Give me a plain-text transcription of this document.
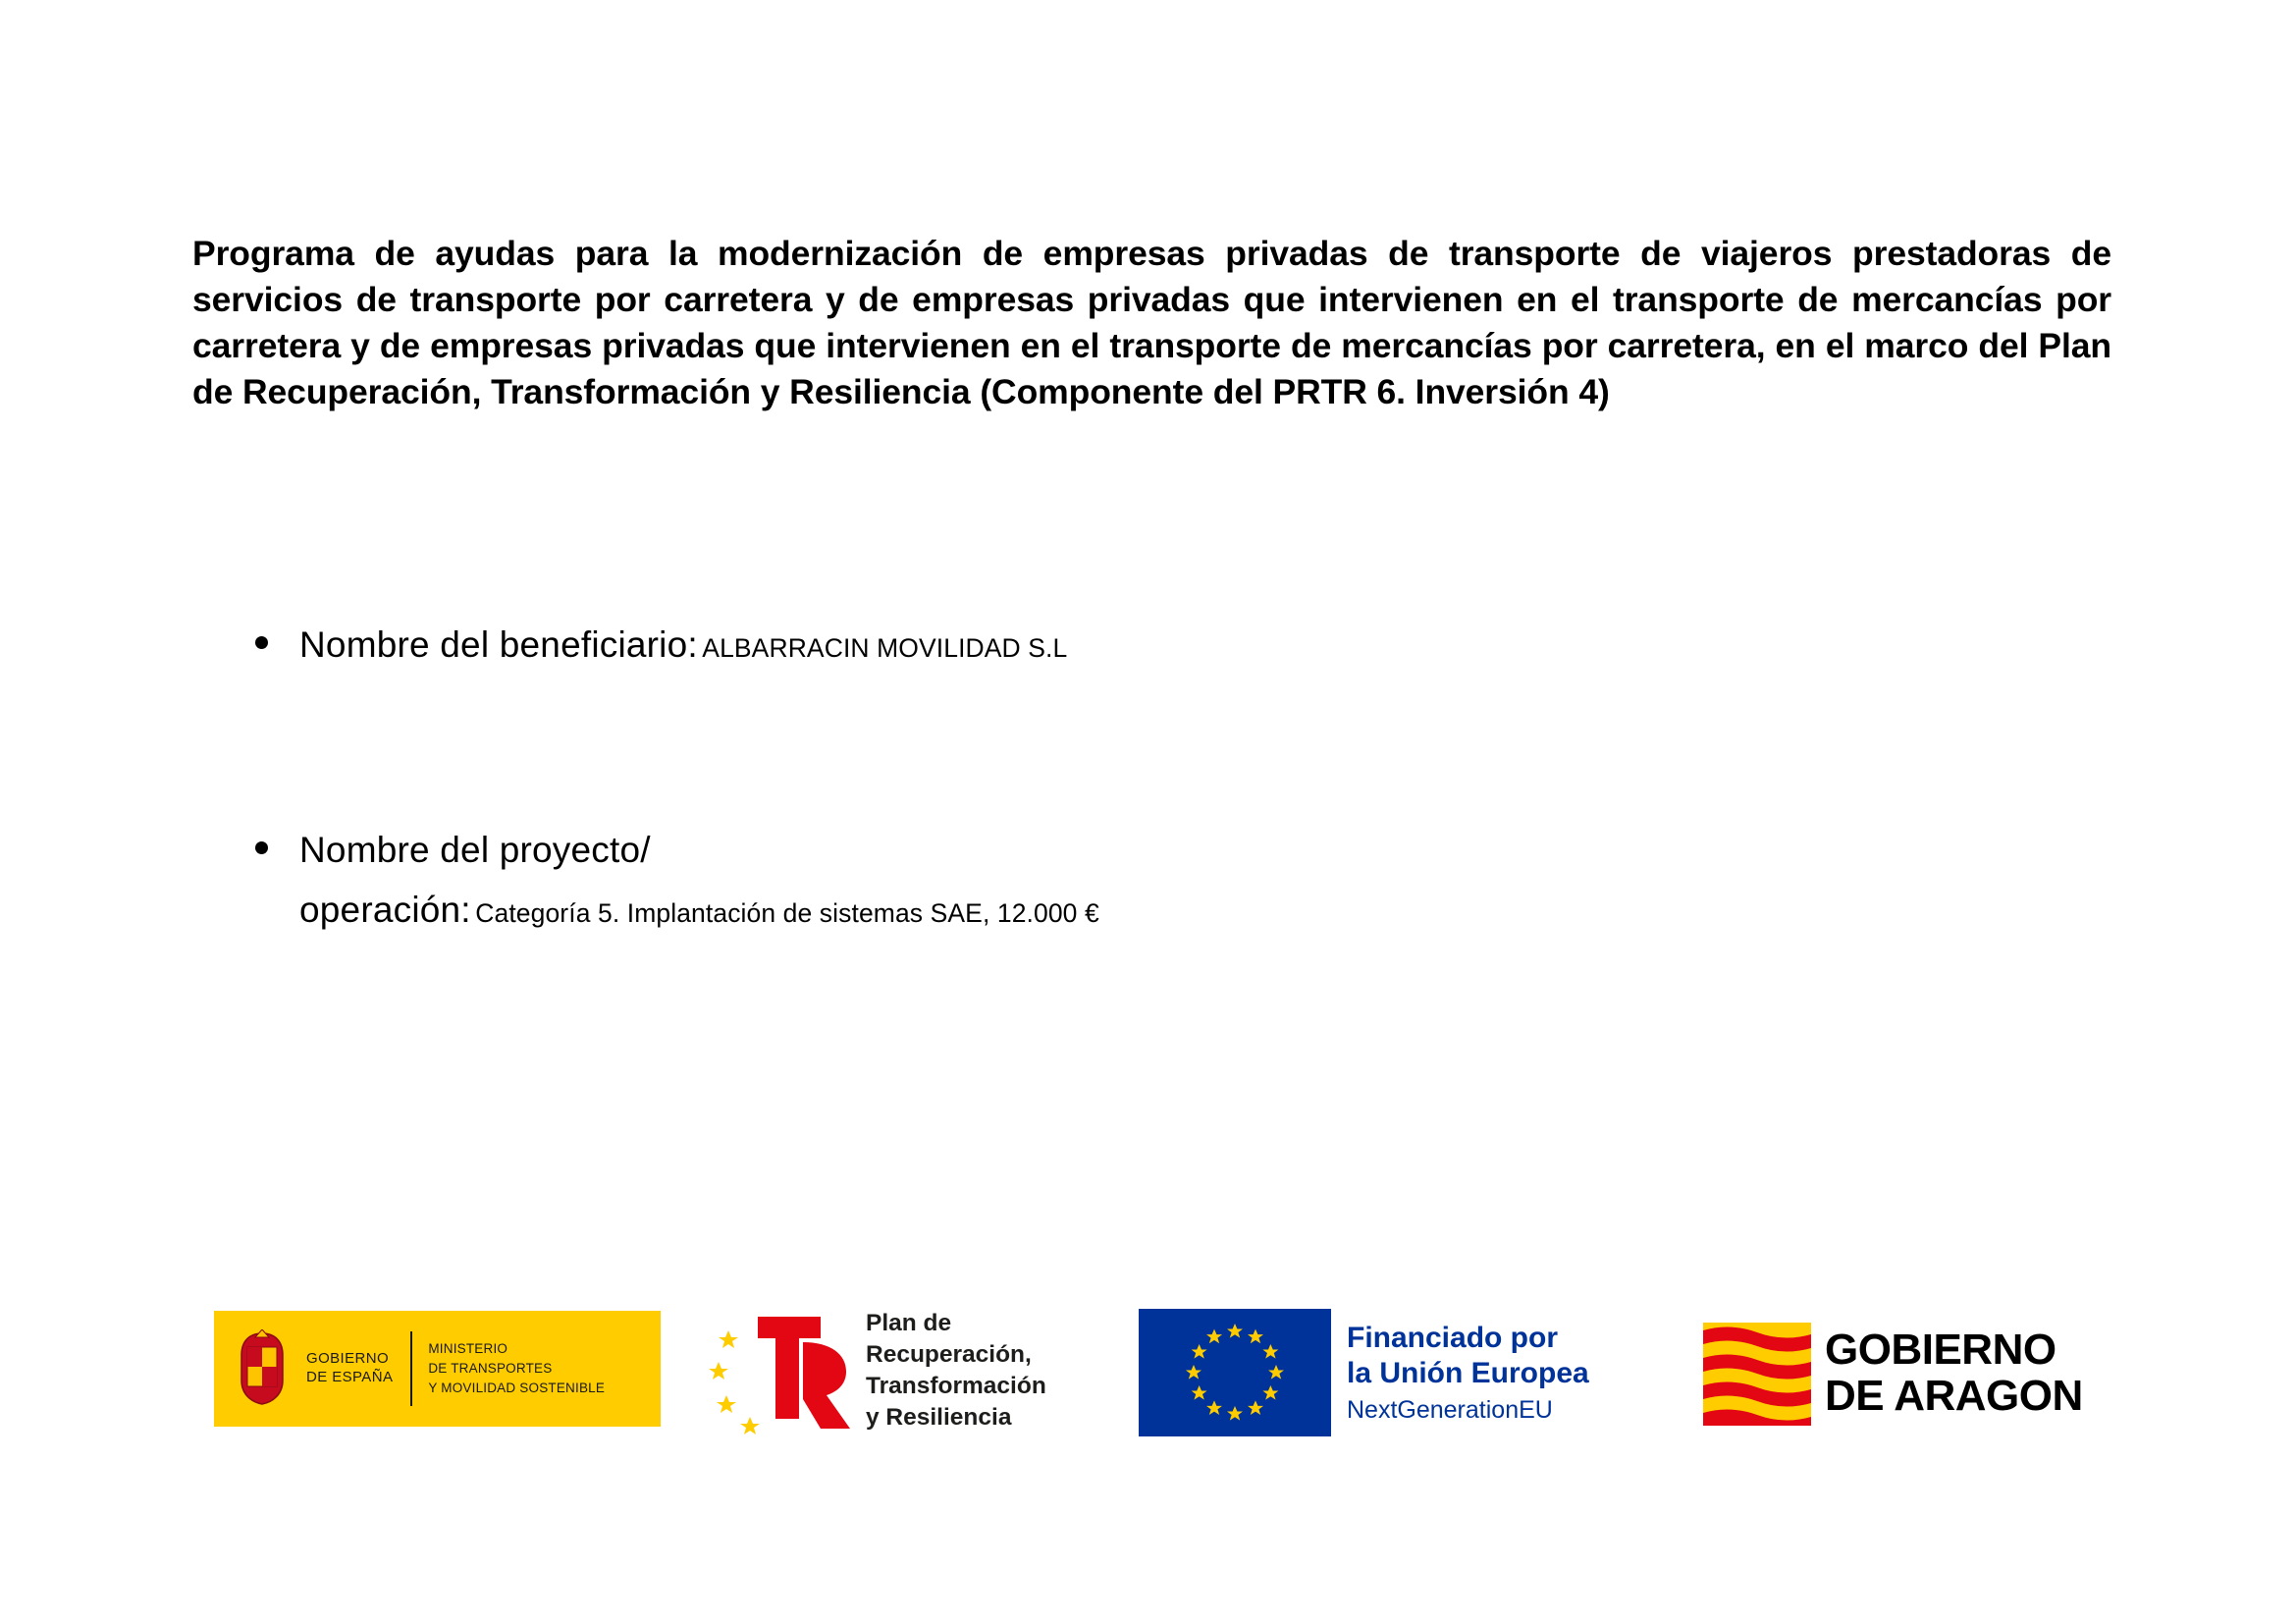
Programa de ayudas para la modernización de empresas privadas de transporte de viajeros prestadoras de servicios de transporte por carretera y de empresas privadas que intervienen en el transporte de mercancías por carretera y de empresas privadas que intervienen en el transporte de mercancías por carretera, en el marco del Plan de Recuperación, Transformación y Resiliencia (Componente del PRTR 6. Inversión 4)
Nombre del beneficiario: ALBARRACIN MOVILIDAD S.L
Nombre del proyecto/
operación: Categoría 5. Implantación de sistemas SAE, 12.000 €
GOBIERNO
DE ESPAÑA
MINISTERIO
DE TRANSPORTES
Y MOVILIDAD SOSTENIBLE
Plan de
Recuperación,
Transformación
y Resiliencia
Financiado por
la Unión Europea
NextGenerationEU
GOBIERNO
DE ARAGON
